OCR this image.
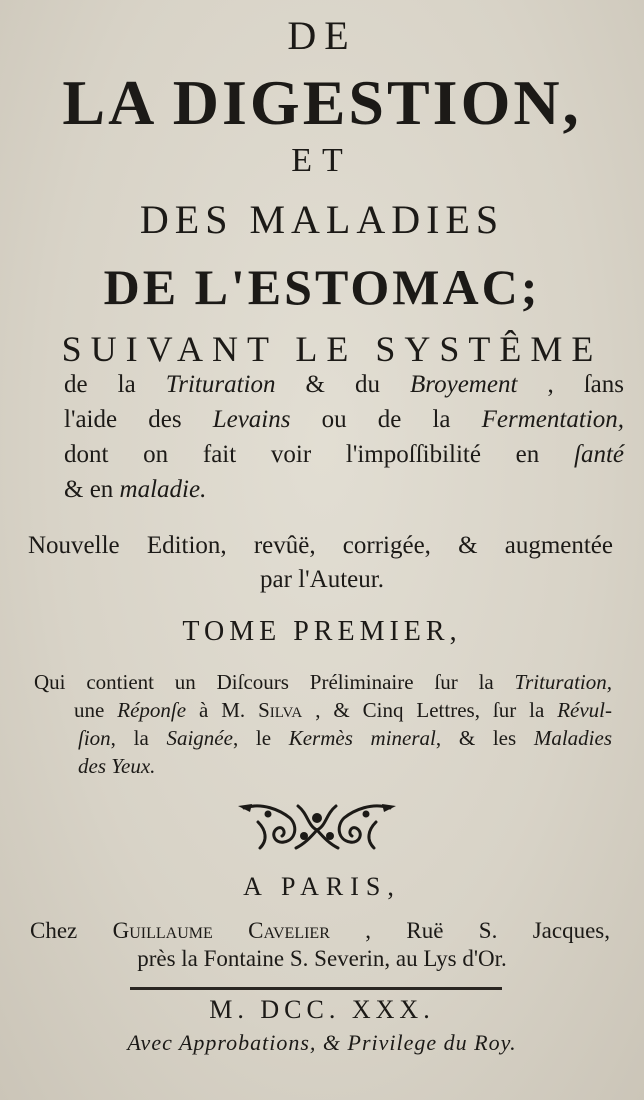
DE
LA DIGESTION,
ET
DES MALADIES
DE L'ESTOMAC;
SUIVANT LE SYSTÊME
de la Trituration & du Broyement , ſans
l'aide des Levains ou de la Fermentation,
dont on fait voir l'impoſſibilité en ſanté
& en maladie.
Nouvelle Edition, revûë, corrigée, & augmentée
par l'Auteur.
TOME PREMIER,
Qui contient un Diſcours Préliminaire ſur la Trituration,
une Réponſe à M. Silva , & Cinq Lettres, ſur la Révul-
ſion, la Saignée, le Kermès mineral, & les Maladies
des Yeux.
A PARIS,
Chez Guillaume Cavelier , Ruë S. Jacques,
près la Fontaine S. Severin, au Lys d'Or.
M. DCC. XXX.
Avec Approbations, & Privilege du Roy.
